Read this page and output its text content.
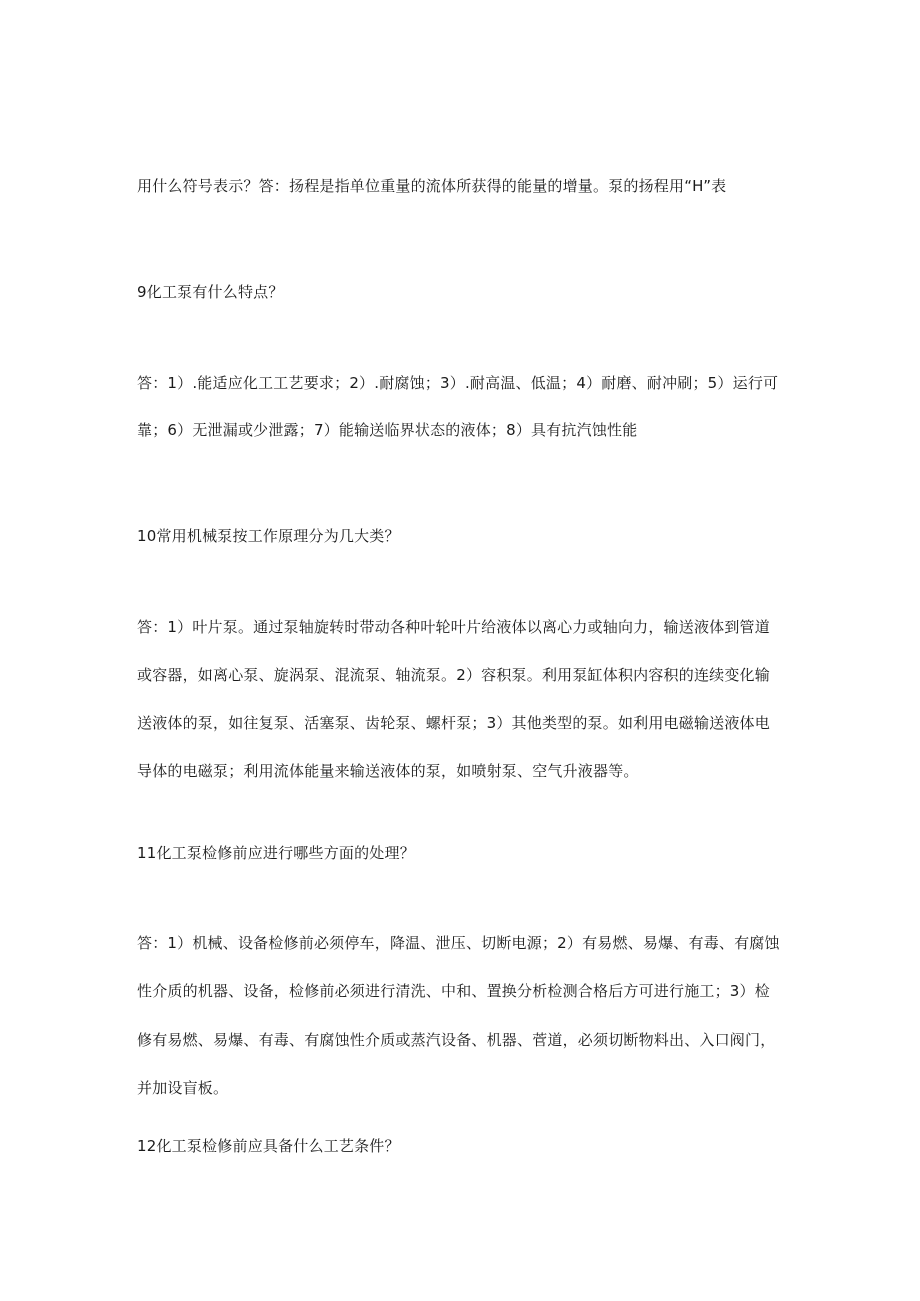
用什么符号表示？答：扬程是指单位重量的流体所获得的能量的增量。泵的扬程用“H”表
9化工泵有什么特点？
答：1）.能适应化工工艺要求；2）.耐腐蚀；3）.耐高温、低温；4）耐磨、耐冲刷；5）运行可
靠；6）无泄漏或少泄露；7）能输送临界状态的液体；8）具有抗汽蚀性能
10常用机械泵按工作原理分为几大类？
答：1）叶片泵。通过泵轴旋转时带动各种叶轮叶片给液体以离心力或轴向力，输送液体到管道
或容器，如离心泵、旋涡泵、混流泵、轴流泵。2）容积泵。利用泵缸体积内容积的连续变化输
送液体的泵，如往复泵、活塞泵、齿轮泵、螺杆泵；3）其他类型的泵。如利用电磁输送液体电
导体的电磁泵；利用流体能量来输送液体的泵，如喷射泵、空气升液器等。
11化工泵检修前应进行哪些方面的处理？
答：1）机械、设备检修前必须停车，降温、泄压、切断电源；2）有易燃、易爆、有毒、有腐蚀
性介质的机器、设备，检修前必须进行清洗、中和、置换分析检测合格后方可进行施工；3）检
修有易燃、易爆、有毒、有腐蚀性介质或蒸汽设备、机器、菅道，必须切断物料出、入口阀门，
并加设盲板。
12化工泵检修前应具备什么工艺条件？
